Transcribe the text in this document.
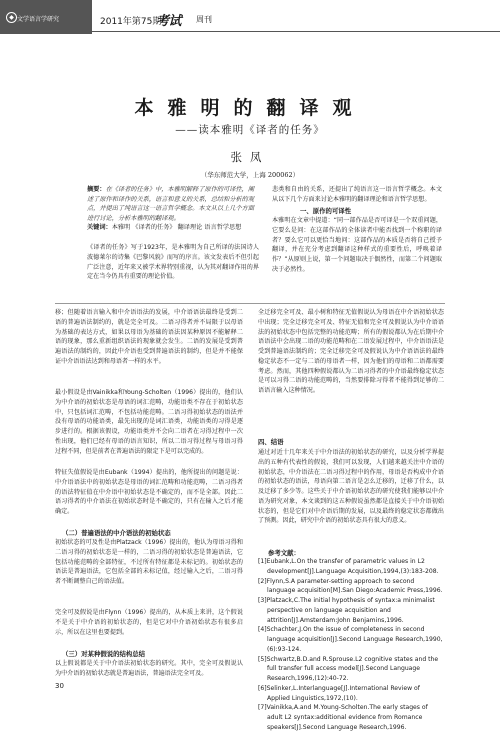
◆ 文学语言学研究	2011年第75期
考试 周刊
本雅明的翻译观
——读本雅明《译者的任务》
张凤
（华东师范大学，上海 200062）
摘要：在《译者的任务》中，本雅明解释了原作的可译性，阐述了原作和译作的关系，语言和意义的关系，总结和分析的观点，并提出了纯语言这一语言哲学概念。本文从以上几个方面进行讨论，分析本雅明的翻译观。
关键词：本雅明 《译者的任务》 翻译理论 语言哲学思想
《译者的任务》写于1923年，是本雅明为自己所译的法国诗人波德莱尔的诗集《巴黎风貌》而写的序言。该文发表后不但引起广泛注意，近年来又被学术界特别重视，认为其对翻译作用的界定在当今仍具有重要的理论价值。
悲类和自由的关系，还提出了纯语言这一语言哲学概念。本文从以下几个方面来讨论本雅明的翻译理论和语言哲学思想。
一、原作的可译性
本雅明在文章中提道：“同一部作品是否可译是一个双重问题，它要么是问：在这部作品的全体读者中能否找到一个称职的译者？要么它可以更恰当地问：这部作品的本质是否将自己授予翻译，并在充分考虑到翻译这种样式的重要性后，呼唤着译作？”从原则上说，第一个问题取决于偶然性，而第二个问题取决于必然性。
移；但随着语言输入和中介语语法的发展，中介语语法最终是受到二语的普遍语法制约的，就是完全可及。二语习得者并不局限于以母语为基础的表达方式，如果以母语为基础的语法因某种原因不能解释二语的现象，那么重新组织语法的现象就会发生。二语的发展是受到普遍语法的制约的，因此中介语也受到普遍语法的制约，但是并不能保证中介语语法达到和母语者一样的水平。
最小假设是由Vainikka和Young-Scholten（1996）提出的，他们认为中介语的初始状态是母语的词汇范畴，功能语类不存在于初始状态中，只包括词汇范畴，不包括功能范畴。二语习得初始状态的语法并没有母语的功能语类，最先出现的是词汇语类，功能语类的习得是逐步进行的。根据该假设，功能语类并不会向二语者在习得过程中一次性出现，他们已经有母语的语言知识，所以二语习得过程与母语习得过程不同，但是前者在普遍语法的限定下是可以完成的。
特征失值假说是由Eubank（1994）提出的，他所提出的问题是说：中介语语法中的初始状态是母语的词汇范畴和功能范畴，二语习得者的语法特征值在中介语中初始状态是不确定的，而不是全部。因此二语习得者的中介语法在初始状态时是不确定的，只有在输入之后才能确定。
（二）普遍语法的中介语法的初始状态
初始状态的可及性是由Platzack（1996）提出的，他认为母语习得和二语习得的初始状态是一样的，二语习得的初始状态是普遍语法，它包括功能范畴的全部特征，不过所有特征都是未标记的。初始状态的语法是普遍语法，它包括全部的未标记值，经过输入之后，二语习得者不断调整自己的语法值。
完全可及假说是由Flynn（1996）提出的，从本质上来讲，这个假说不是关于中介语的初始状态的，但是它对中介语初始状态有很多启示，所以在这里也要提到。
（三）对某种假说的结构总结
以上假说都是关于中介语法初始状态的研究。其中，完全可及假说认为中介语的初始状态就是普遍语法，普遍语法完全可及。
全迁移完全可及、最小树和特征无值假说认为母语在中介语初始状态中出现；完全迁移完全可及、特征无值和完全可及假说认为中介语语法的初始状态中包括完整的功能范畴；所有的假说都认为在后期中介语语法中会出现二语的功能范畴和在二语发展过程中，中介语语法是受到普遍语法制约的；完全迁移完全可及假说认为中介语语法的最终稳定状态不一定与二语的母语者一样，因为他们的母语和二语都需要考虑。然而，其他四种假说都认为二语习得者的中介语最终稳定状态是可以习得二语的功能范畴的，当然要排除习得者不能得到足够的二语语言输入这种情况。
四、结语
通过对近十几年来关于中介语法的初始状态的研究，以及分析学界提出的五种有代表性的假说，我们可以发现，人们越来越关注中介语的初始状态，中介语法在二语习得过程中的作用，母语是否构成中介语的初始状态的语法，母语向第二语言是怎么迁移的，迁移了什么，以及迁移了多少等。这些关于中介语初始状态的研究使我们能够以中介语为研究对象，本文谈到的这五种假说虽然都是直接关于中介语初始状态的，但是它们对中介语后期的发展，以及最终的稳定状态都做出了预测。因此，研究中介语的初始状态具有很大的意义。
参考文献：
[1]Eubank,L.On the transfer of parametric values in L2 development[J].Language Acquisition,1994,(3):183-208.
[2]Flynn,S.A parameter-setting approach to second language acquisition[M].San Diego:Academic Press,1996.
[3]Platzack,C.The initial hypothesis of syntax:a minimalist perspective on language acquisition and attrition[J].Amsterdam:John Benjamins,1996.
[4]Schachter,J.On the issue of completeness in second language acquisition[J].Second Language Research,1990,(6):93-124.
[5]Schwartz,B.D.and R.Sprouse.L2 cognitive states and the full transfer full access model[J].Second Language Research,1996,(12):40-72.
[6]Selinker,L.Interlanguage[J].International Review of Applied Linguistics,1972,(10).
[7]Vainikka,A.and M.Young-Scholten.The early stages of adult L2 syntax:additional evidence from Romance speakers[J].Second Language Research,1996.
30
